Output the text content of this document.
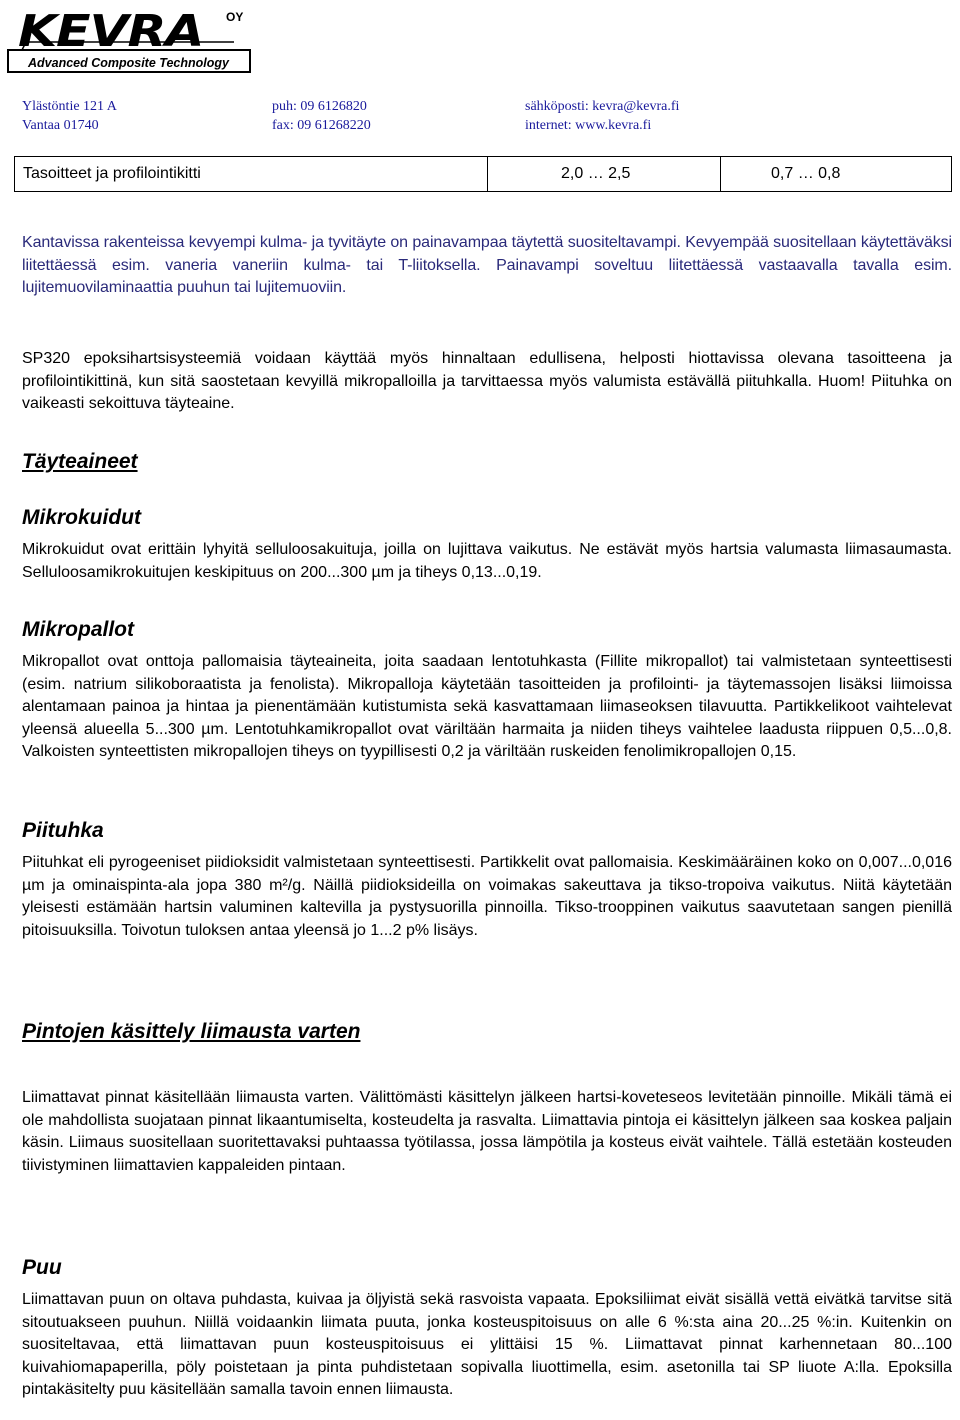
KEVRA OY
Advanced Composite Technology
Ylästöntie 121 A
Vantaa 01740
puh: 09 6126820
fax: 09 61268220
sähköposti: kevra@kevra.fi
internet: www.kevra.fi
Tasoitteet ja profilointikitti	2,0 … 2,5	0,7 … 0,8

Kantavissa rakenteissa kevyempi kulma- ja tyvitäyte on painavampaa täytettä suositeltavampi. Kevyempää suositellaan käytettäväksi liitettäessä esim. vaneria vaneriin kulma- tai T-liitoksella. Painavampi soveltuu liitettäessä vastaavalla tavalla esim. lujitemuovilaminaattia puuhun tai lujitemuoviin.

SP320 epoksihartsisysteemiä voidaan käyttää myös hinnaltaan edullisena, helposti hiottavissa olevana tasoitteena ja profilointikittinä, kun sitä saostetaan kevyillä mikropalloilla ja tarvittaessa myös valumista estävällä piituhkalla. Huom! Piituhka on vaikeasti sekoittuva täyteaine.

Täyteaineet
Mikrokuidut

Mikrokuidut ovat erittäin lyhyitä selluloosakuituja, joilla on lujittava vaikutus. Ne estävät myös hartsia valumasta liimasaumasta. Selluloosamikrokuitujen keskipituus on 200...300 µm ja tiheys 0,13...0,19.

Mikropallot

Mikropallot ovat onttoja pallomaisia täyteaineita, joita saadaan lentotuhkasta (Fillite mikropallot) tai valmistetaan synteettisesti (esim. natrium silikoboraatista ja fenolista). Mikropalloja käytetään tasoitteiden ja profilointi- ja täytemassojen lisäksi liimoissa alentamaan painoa ja hintaa ja pienentämään kutistumista sekä kasvattamaan liimaseoksen tilavuutta. Partikkelikoot vaihtelevat yleensä alueella 5...300 µm. Lentotuhkamikropallot ovat väriltään harmaita ja niiden tiheys vaihtelee laadusta riippuen 0,5...0,8. Valkoisten synteettisten mikropallojen tiheys on tyypillisesti 0,2 ja väriltään ruskeiden fenolimikropallojen 0,15.

Piituhka

Piituhkat eli pyrogeeniset piidioksidit valmistetaan synteettisesti. Partikkelit ovat pallomaisia. Keskimääräinen koko on 0,007...0,016 µm ja ominaispinta-ala jopa 380 m²/g. Näillä piidioksideilla on voimakas sakeuttava ja tikso-tropoiva vaikutus. Niitä käytetään yleisesti estämään hartsin valuminen kaltevilla ja pystysuorilla pinnoilla. Tikso-trooppinen vaikutus saavutetaan sangen pienillä pitoisuuksilla. Toivotun tuloksen antaa yleensä jo 1...2 p% lisäys.

Pintojen käsittely liimausta varten

Liimattavat pinnat käsitellään liimausta varten. Välittömästi käsittelyn jälkeen hartsi-koveteseos levitetään pinnoille. Mikäli tämä ei ole mahdollista suojataan pinnat likaantumiselta, kosteudelta ja rasvalta. Liimattavia pintoja ei käsittelyn jälkeen saa koskea paljain käsin. Liimaus suositellaan suoritettavaksi puhtaassa työtilassa, jossa lämpötila ja kosteus eivät vaihtele. Tällä estetään kosteuden tiivistyminen liimattavien kappaleiden pintaan.

Puu

Liimattavan puun on oltava puhdasta, kuivaa ja öljyistä sekä rasvoista vapaata. Epoksiliimat eivät sisällä vettä eivätkä tarvitse sitä sitoutuakseen puuhun. Niillä voidaankin liimata puuta, jonka kosteuspitoisuus on alle 6 %:sta aina 20...25 %:in. Kuitenkin on suositeltavaa, että liimattavan puun kosteuspitoisuus ei ylittäisi 15 %. Liimattavat pinnat karhennetaan 80...100 kuivahiomapaperilla, pöly poistetaan ja pinta puhdistetaan sopivalla liuottimella, esim. asetonilla tai SP liuote A:lla. Epoksilla pintakäsitelty puu käsitellään samalla tavoin ennen liimausta.
